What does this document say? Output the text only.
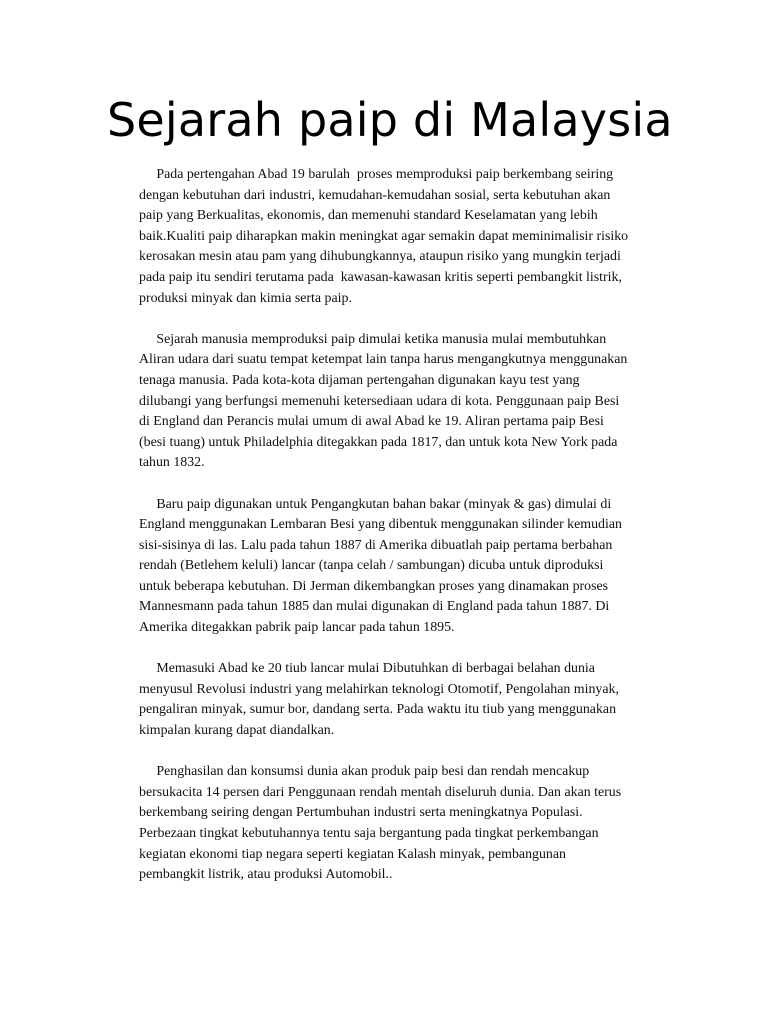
Sejarah paip di Malaysia

Pada pertengahan Abad 19 barulah  proses memproduksi paip berkembang seiring
dengan kebutuhan dari industri, kemudahan-kemudahan sosial, serta kebutuhan akan
paip yang Berkualitas, ekonomis, dan memenuhi standard Keselamatan yang lebih
baik.Kualiti paip diharapkan makin meningkat agar semakin dapat meminimalisir risiko
kerosakan mesin atau pam yang dihubungkannya, ataupun risiko yang mungkin terjadi
pada paip itu sendiri terutama pada  kawasan-kawasan kritis seperti pembangkit listrik,
produksi minyak dan kimia serta paip.

Sejarah manusia memproduksi paip dimulai ketika manusia mulai membutuhkan
Aliran udara dari suatu tempat ketempat lain tanpa harus mengangkutnya menggunakan
tenaga manusia. Pada kota-kota dijaman pertengahan digunakan kayu test yang
dilubangi yang berfungsi memenuhi ketersediaan udara di kota. Penggunaan paip Besi
di England dan Perancis mulai umum di awal Abad ke 19. Aliran pertama paip Besi
(besi tuang) untuk Philadelphia ditegakkan pada 1817, dan untuk kota New York pada
tahun 1832.

Baru paip digunakan untuk Pengangkutan bahan bakar (minyak & gas) dimulai di
England menggunakan Lembaran Besi yang dibentuk menggunakan silinder kemudian
sisi-sisinya di las. Lalu pada tahun 1887 di Amerika dibuatlah paip pertama berbahan
rendah (Betlehem keluli) lancar (tanpa celah / sambungan) dicuba untuk diproduksi
untuk beberapa kebutuhan. Di Jerman dikembangkan proses yang dinamakan proses
Mannesmann pada tahun 1885 dan mulai digunakan di England pada tahun 1887. Di
Amerika ditegakkan pabrik paip lancar pada tahun 1895.

Memasuki Abad ke 20 tiub lancar mulai Dibutuhkan di berbagai belahan dunia
menyusul Revolusi industri yang melahirkan teknologi Otomotif, Pengolahan minyak,
pengaliran minyak, sumur bor, dandang serta. Pada waktu itu tiub yang menggunakan
kimpalan kurang dapat diandalkan.

Penghasilan dan konsumsi dunia akan produk paip besi dan rendah mencakup
bersukacita 14 persen dari Penggunaan rendah mentah diseluruh dunia. Dan akan terus
berkembang seiring dengan Pertumbuhan industri serta meningkatnya Populasi.
Perbezaan tingkat kebutuhannya tentu saja bergantung pada tingkat perkembangan
kegiatan ekonomi tiap negara seperti kegiatan Kalash minyak, pembangunan
pembangkit listrik, atau produksi Automobil..
